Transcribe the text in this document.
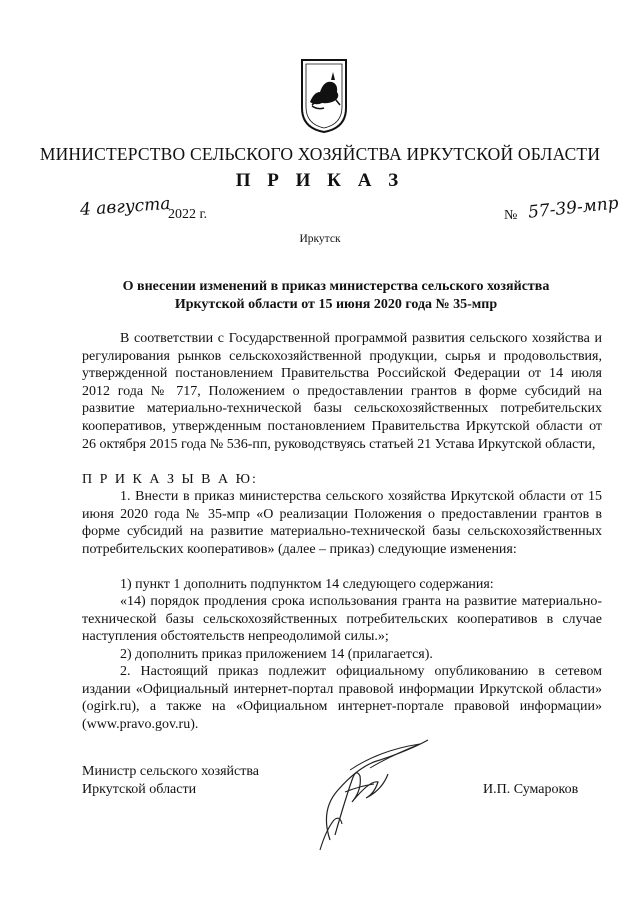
МИНИСТЕРСТВО СЕЛЬСКОГО ХОЗЯЙСТВА ИРКУТСКОЙ ОБЛАСТИ
П Р И К А З
4 августа
2022 г.	№ 57-39-мпр
Иркутск
О внесении изменений в приказ министерства сельского хозяйства Иркутской области от 15 июня 2020 года № 35-мпр
В соответствии с Государственной программой развития сельского хозяйства и регулирования рынков сельскохозяйственной продукции, сырья и продовольствия, утвержденной постановлением Правительства Российской Федерации от 14 июля 2012 года № 717, Положением о предоставлении грантов в форме субсидий на развитие материально-технической базы сельскохозяйственных потребительских кооперативов, утвержденным постановлением Правительства Иркутской области от 26 октября 2015 года № 536-пп, руководствуясь статьей 21 Устава Иркутской области,
П Р И К А З Ы В А Ю:
1. Внести в приказ министерства сельского хозяйства Иркутской области от 15 июня 2020 года № 35-мпр «О реализации Положения о предоставлении грантов в форме субсидий на развитие материально-технической базы сельскохозяйственных потребительских кооперативов» (далее – приказ) следующие изменения:
1) пункт 1 дополнить подпунктом 14 следующего содержания:
«14) порядок продления срока использования гранта на развитие материально-технической базы сельскохозяйственных потребительских кооперативов в случае наступления обстоятельств непреодолимой силы.»;
2) дополнить приказ приложением 14 (прилагается).
2. Настоящий приказ подлежит официальному опубликованию в сетевом издании «Официальный интернет-портал правовой информации Иркутской области» (ogirk.ru), а также на «Официальном интернет-портале правовой информации» (www.pravo.gov.ru).
Министр сельского хозяйства
Иркутской области	И.П. Сумароков
